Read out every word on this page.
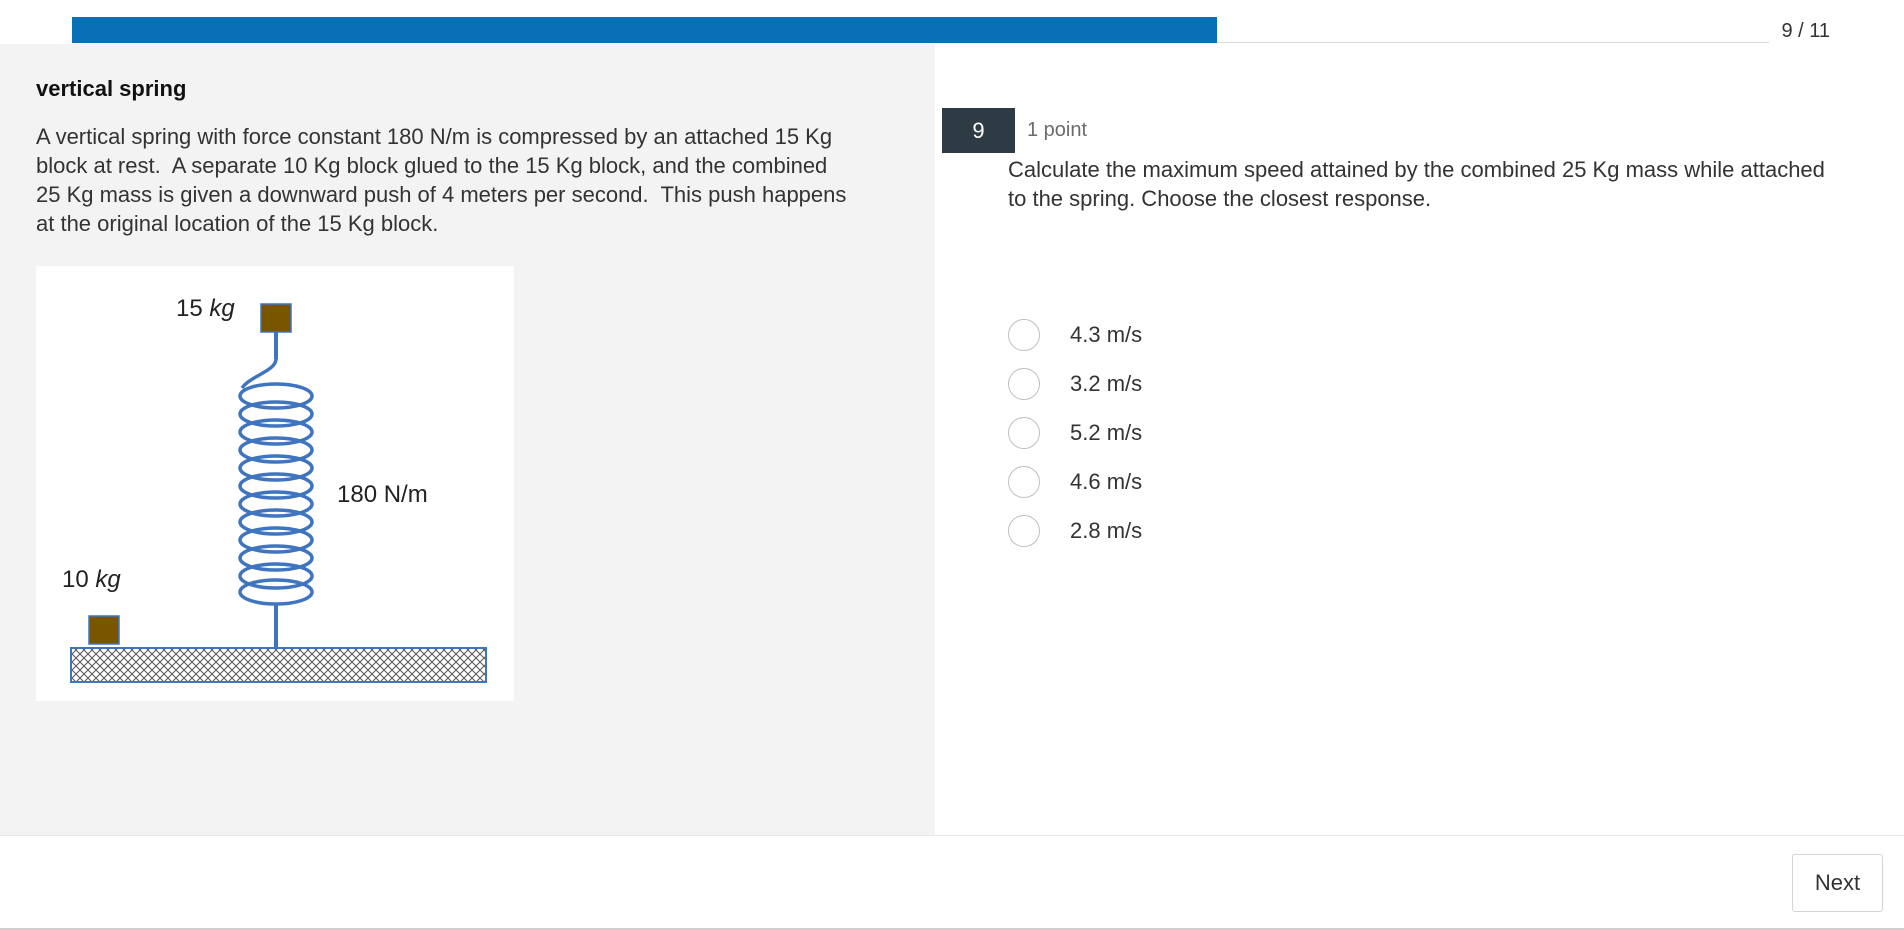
9 / 11
vertical spring

A vertical spring with force constant 180 N/m is compressed by an attached 15 Kg
block at rest.  A separate 10 Kg block glued to the 15 Kg block, and the combined
25 Kg mass is given a downward push of 4 meters per second.  This push happens
at the original location of the 15 Kg block.

15 kg
10 kg
180 N/m
9	1 point
Calculate the maximum speed attained by the combined 25 Kg mass while attached to the spring. Choose the closest response.
4.3 m/s
3.2 m/s
5.2 m/s
4.6 m/s
2.8 m/s
Next
